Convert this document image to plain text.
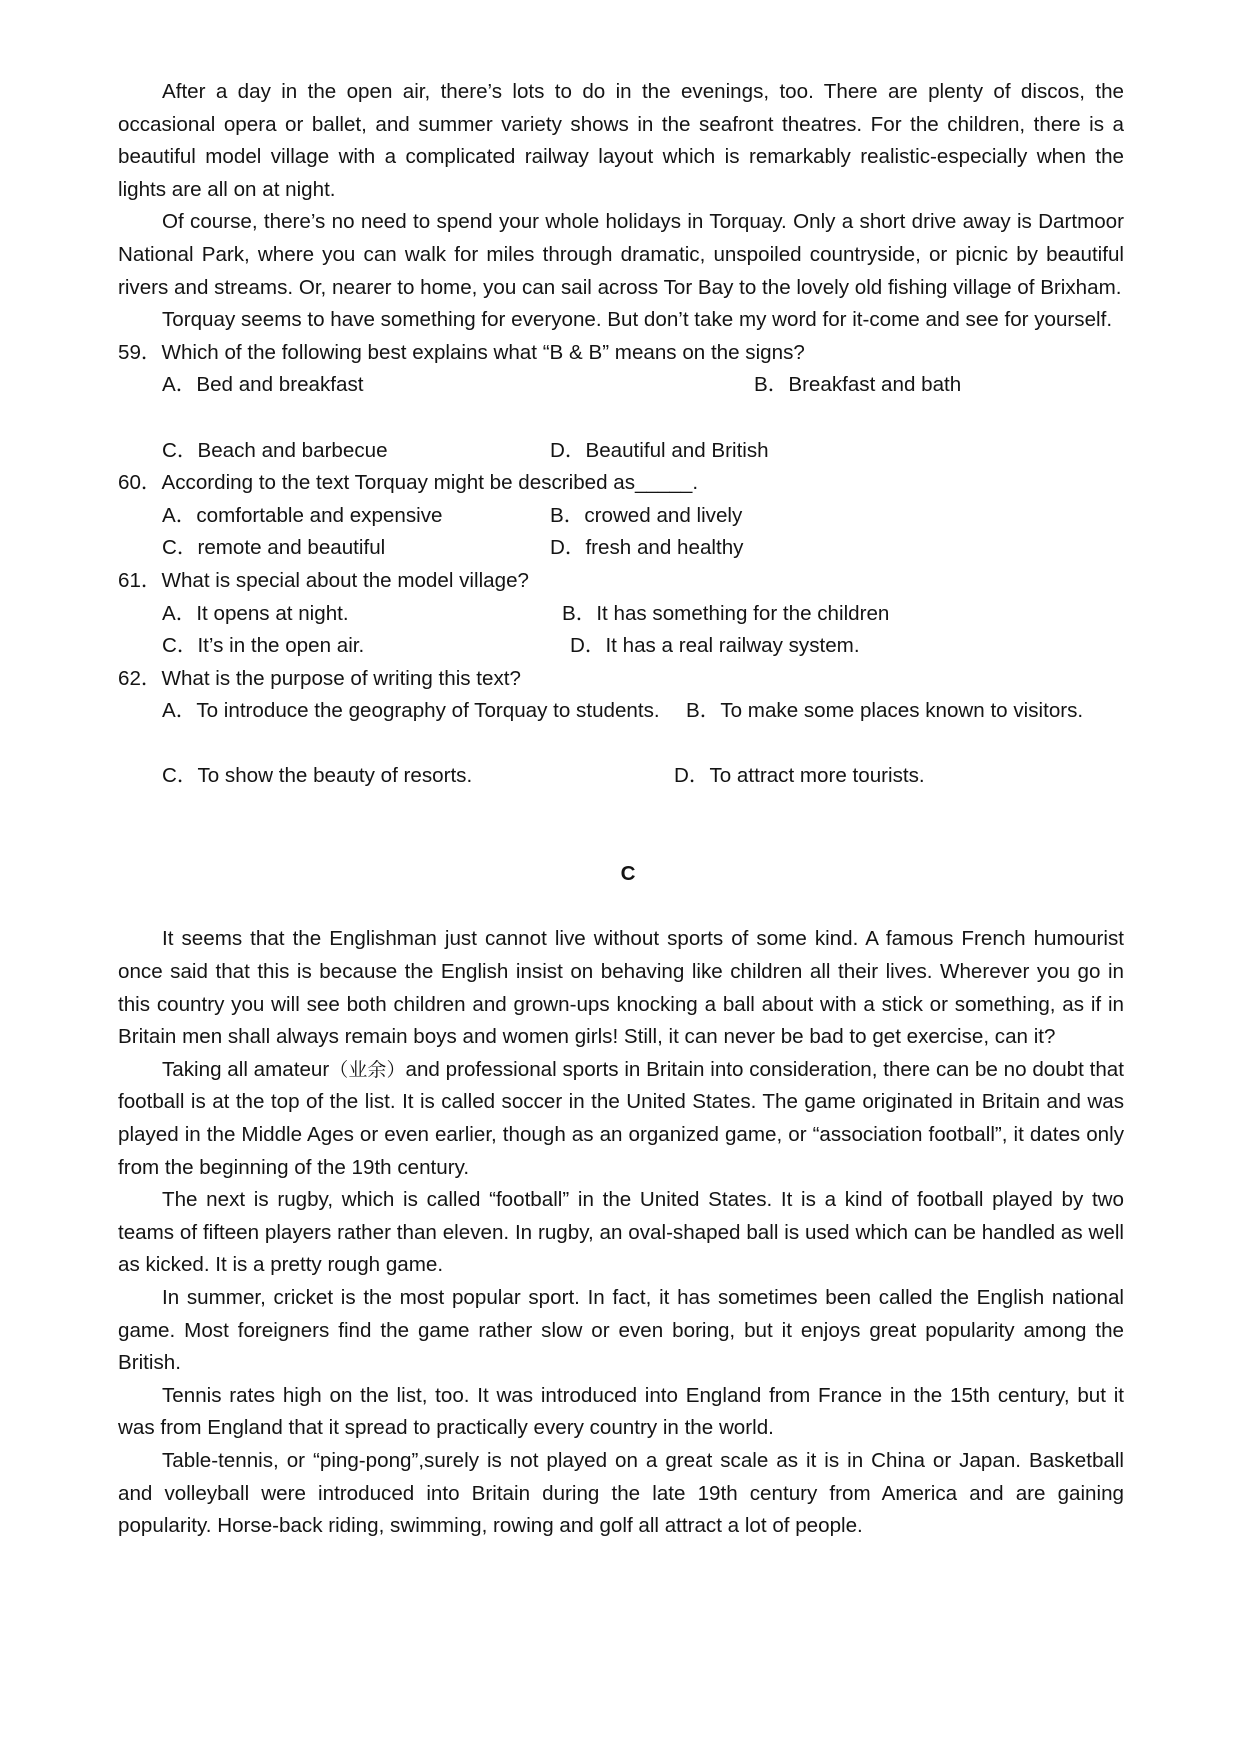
After a day in the open air, there’s lots to do in the evenings, too. There are plenty of discos, the occasional opera or ballet, and summer variety shows in the seafront theatres. For the children, there is a beautiful model village with a complicated railway layout which is remarkably realistic-especially when the lights are all on at night.

Of course, there’s no need to spend your whole holidays in Torquay. Only a short drive away is Dartmoor National Park, where you can walk for miles through dramatic, unspoiled countryside, or picnic by beautiful rivers and streams. Or, nearer to home, you can sail across Tor Bay to the lovely old fishing village of Brixham.

Torquay seems to have something for everyone. But don’t take my word for it-come and see for yourself.

59．Which of the following best explains what “B & B” means on the signs?

A．Bed and breakfast	B．Breakfast and bath
C．Beach and barbecue	D．Beautiful and British

60．According to the text Torquay might be described as_____.

A．comfortable and expensive	B．crowed and lively
C．remote and beautiful	D．fresh and healthy

61．What is special about the model village?

A．It opens at night.	B．It has something for the children
C．It’s in the open air.	D．It has a real railway system.

62．What is the purpose of writing this text?

A．To introduce the geography of Torquay to students. B．To make some places known to visitors.
C．To show the beauty of resorts.	D．To attract more tourists.

C

It seems that the Englishman just cannot live without sports of some kind. A famous French humourist once said that this is because the English insist on behaving like children all their lives. Wherever you go in this country you will see both children and grown-ups knocking a ball about with a stick or something, as if in Britain men shall always remain boys and women girls! Still, it can never be bad to get exercise, can it?

Taking all amateur（业余）and professional sports in Britain into consideration, there can be no doubt that football is at the top of the list. It is called soccer in the United States. The game originated in Britain and was played in the Middle Ages or even earlier, though as an organized game, or “association football”, it dates only from the beginning of the 19th century.

The next is rugby, which is called “football” in the United States. It is a kind of football played by two teams of fifteen players rather than eleven. In rugby, an oval-shaped ball is used which can be handled as well as kicked. It is a pretty rough game.

In summer, cricket is the most popular sport. In fact, it has sometimes been called the English national game. Most foreigners find the game rather slow or even boring, but it enjoys great popularity among the British.

Tennis rates high on the list, too. It was introduced into England from France in the 15th century, but it was from England that it spread to practically every country in the world.

Table-tennis, or “ping-pong”,surely is not played on a great scale as it is in China or Japan. Basketball and volleyball were introduced into Britain during the late 19th century from America and are gaining popularity. Horse-back riding, swimming, rowing and golf all attract a lot of people.
